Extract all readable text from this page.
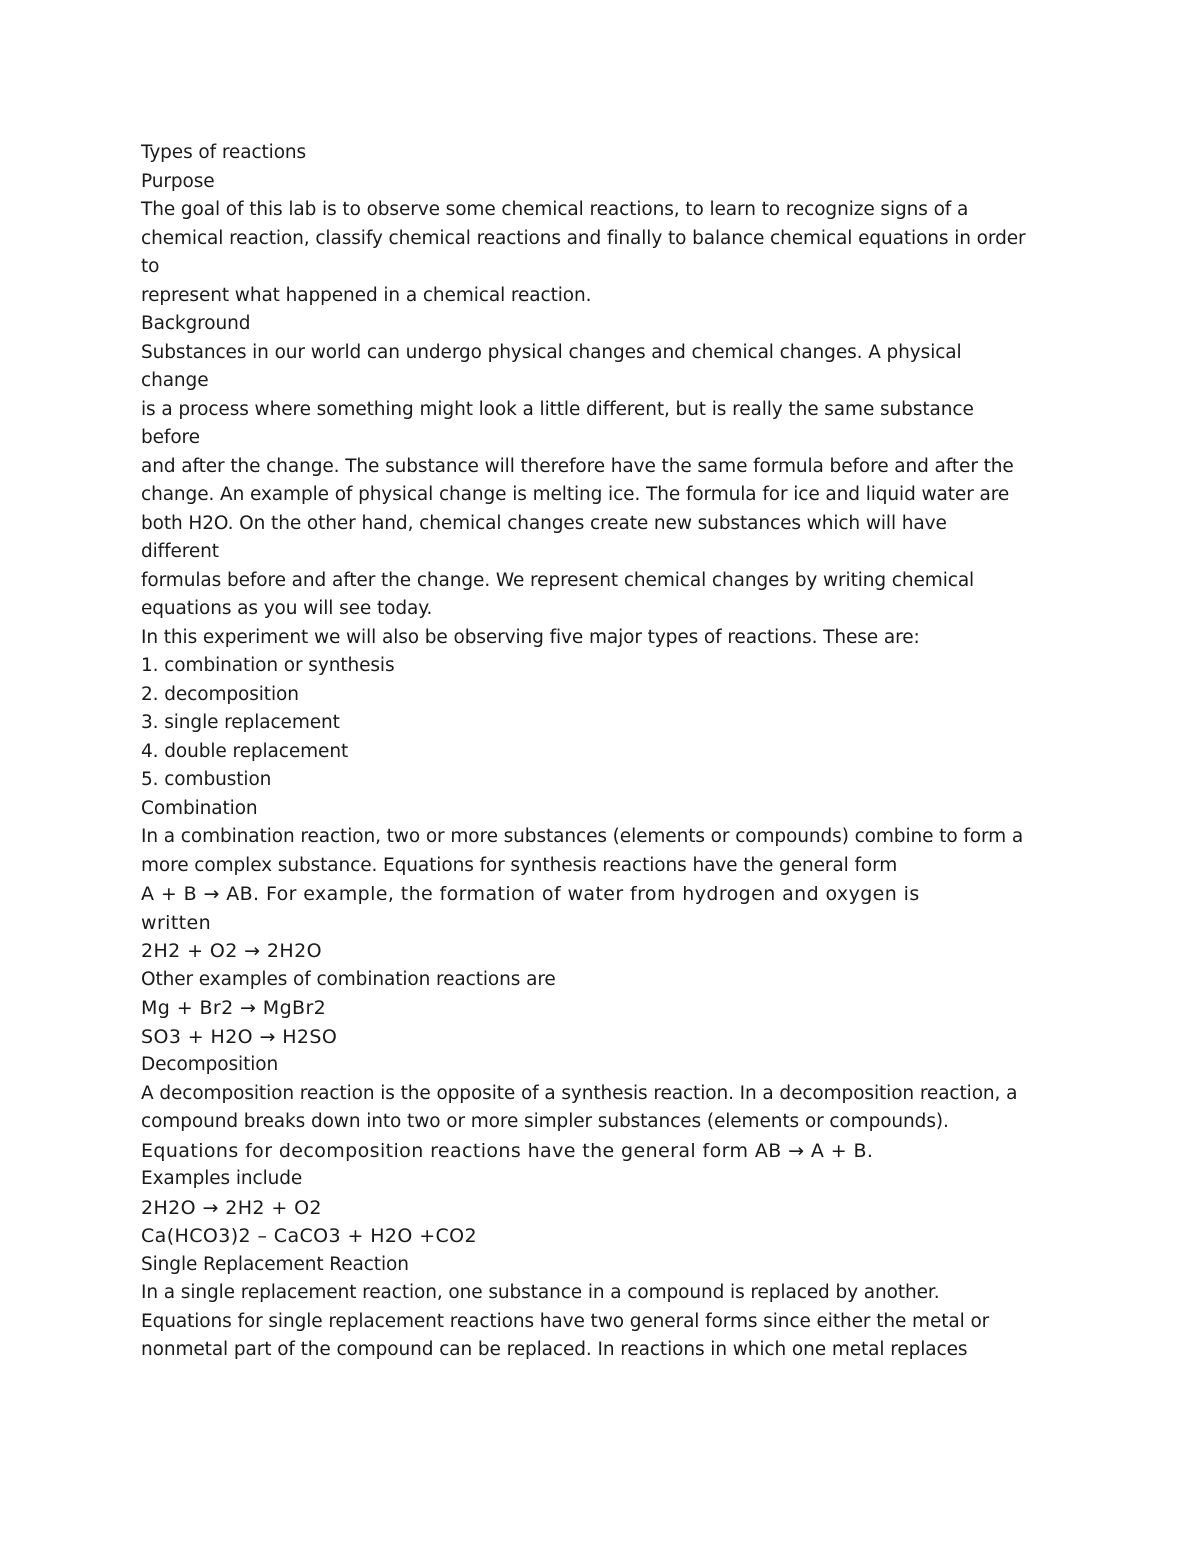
Types of reactions
Purpose
The goal of this lab is to observe some chemical reactions, to learn to recognize signs of a
chemical reaction, classify chemical reactions and finally to balance chemical equations in order
to
represent what happened in a chemical reaction.
Background
Substances in our world can undergo physical changes and chemical changes. A physical
change
is a process where something might look a little different, but is really the same substance
before
and after the change. The substance will therefore have the same formula before and after the
change. An example of physical change is melting ice. The formula for ice and liquid water are
both H2O. On the other hand, chemical changes create new substances which will have
different
formulas before and after the change. We represent chemical changes by writing chemical
equations as you will see today.
In this experiment we will also be observing five major types of reactions. These are:
1. combination or synthesis
2. decomposition
3. single replacement
4. double replacement
5. combustion
Combination
In a combination reaction, two or more substances (elements or compounds) combine to form a
more complex substance. Equations for synthesis reactions have the general form
A + B → AB. For example, the formation of water from hydrogen and oxygen is
written
2H2 + O2 → 2H2O
Other examples of combination reactions are
Mg + Br2 → MgBr2
SO3 + H2O → H2SO
Decomposition
A decomposition reaction is the opposite of a synthesis reaction. In a decomposition reaction, a
compound breaks down into two or more simpler substances (elements or compounds).
Equations for decomposition reactions have the general form AB → A + B.
Examples include
2H2O → 2H2 + O2
Ca(HCO3)2 – CaCO3 + H2O +CO2
Single Replacement Reaction
In a single replacement reaction, one substance in a compound is replaced by another.
Equations for single replacement reactions have two general forms since either the metal or
nonmetal part of the compound can be replaced. In reactions in which one metal replaces
